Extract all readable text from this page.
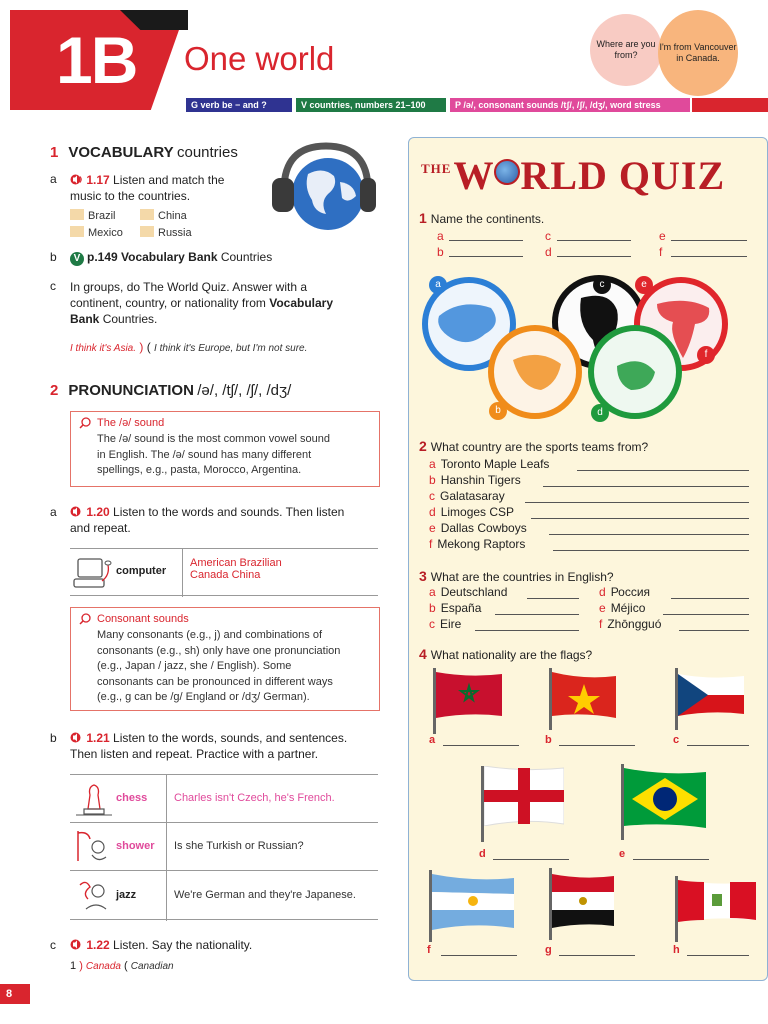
1B One world	Where are you from?
I'm from Vancouver in Canada.
G verb be − and ?	V countries, numbers 21–100	P /ə/, consonant sounds /tʃ/, /ʃ/, /dʒ/, word stress
1 VOCABULARY countries
a	1.17 Listen and match the
music to the countries.
Brazil	China
Mexico	Russia
b	V p.149 Vocabulary Bank Countries
c In groups, do The World Quiz. Answer with a
continent, country, or nationality from Vocabulary
Bank Countries.
I think it's Asia. ) ( I think it's Europe, but I'm not sure.
2 PRONUNCIATION /ə/, /tʃ/, /ʃ/, /dʒ/
The /ə/ sound
The /ə/ sound is the most common vowel sound
in English. The /ə/ sound has many different
spellings, e.g., pasta, Morocco, Argentina.
a	1.20 Listen to the words and sounds. Then listen
and repeat.
computer
American Brazilian
Canada China
Consonant sounds
Many consonants (e.g., j) and combinations of
consonants (e.g., sh) only have one pronunciation
(e.g., Japan / jazz, she / English). Some
consonants can be pronounced in different ways
(e.g., g can be /g/ England or /dʒ/ German).
b	1.21 Listen to the words, sounds, and sentences.
Then listen and repeat. Practice with a partner.
chess Charles isn't Czech, he's French.
shower Is she Turkish or Russian?
jazz	We're German and they're Japanese.
c	1.22 Listen. Say the nationality.
1 ) Canada ( Canadian
8
$^{THE}$W RLD QUIZ
1 Name the continents.
a	c	e
b	d	f
a
b
c
d
e
f
2 What country are the sports teams from?
a Toronto Maple Leafs
b Hanshin Tigers
c Galatasaray
d Limoges CSP
e Dallas Cowboys
f Mekong Raptors
3 What are the countries in English?
a Deutschland	d Россия
b España	e Méjico
c Eire	f Zhōngguó
4 What nationality are the flags?
a	b	c
d	e
f	g	h
